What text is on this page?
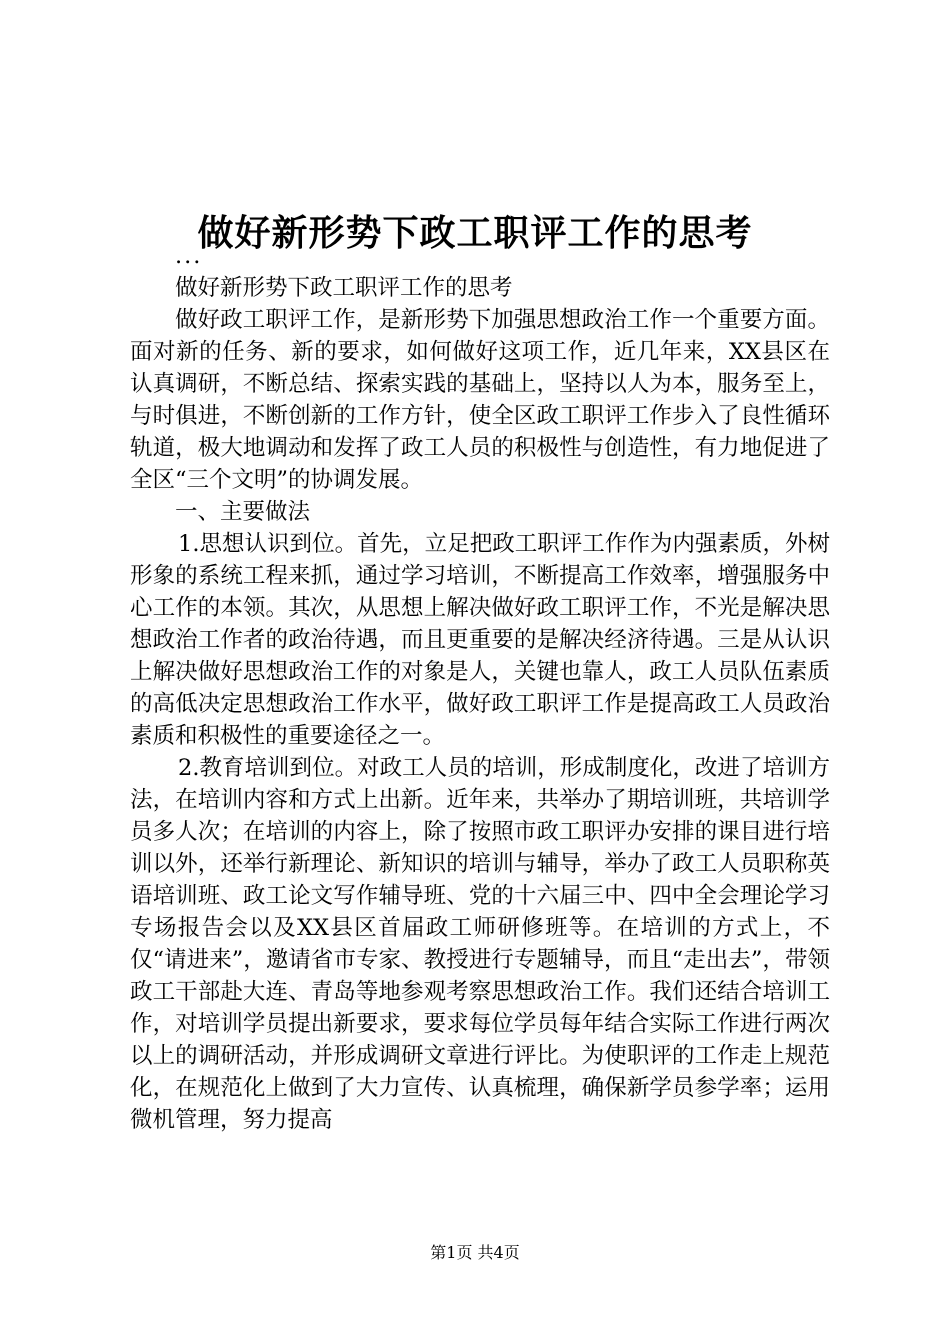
做好新形势下政工职评工作的思考

...

做好新形势下政工职评工作的思考

做好政工职评工作，是新形势下加强思想政治工作一个重要方面。面对新的任务、新的要求，如何做好这项工作，近几年来，XX县区在认真调研，不断总结、探索实践的基础上，坚持以人为本，服务至上，与时俱进，不断创新的工作方针，使全区政工职评工作步入了良性循环轨道，极大地调动和发挥了政工人员的积极性与创造性，有力地促进了全区“三个文明”的协调发展。

一、主要做法

1.思想认识到位。首先，立足把政工职评工作作为内强素质，外树形象的系统工程来抓，通过学习培训，不断提高工作效率，增强服务中心工作的本领。其次，从思想上解决做好政工职评工作，不光是解决思想政治工作者的政治待遇，而且更重要的是解决经济待遇。三是从认识上解决做好思想政治工作的对象是人，关键也靠人，政工人员队伍素质的高低决定思想政治工作水平，做好政工职评工作是提高政工人员政治素质和积极性的重要途径之一。

2.教育培训到位。对政工人员的培训，形成制度化，改进了培训方法，在培训内容和方式上出新。近年来，共举办了期培训班，共培训学员多人次；在培训的内容上，除了按照市政工职评办安排的课目进行培训以外，还举行新理论、新知识的培训与辅导，举办了政工人员职称英语培训班、政工论文写作辅导班、党的十六届三中、四中全会理论学习专场报告会以及XX县区首届政工师研修班等。在培训的方式上，不仅“请进来”，邀请省市专家、教授进行专题辅导，而且“走出去”，带领政工干部赴大连、青岛等地参观考察思想政治工作。我们还结合培训工作，对培训学员提出新要求，要求每位学员每年结合实际工作进行两次以上的调研活动，并形成调研文章进行评比。为使职评的工作走上规范化，在规范化上做到了大力宣传、认真梳理，确保新学员参学率；运用微机管理，努力提高

第1页 共4页
